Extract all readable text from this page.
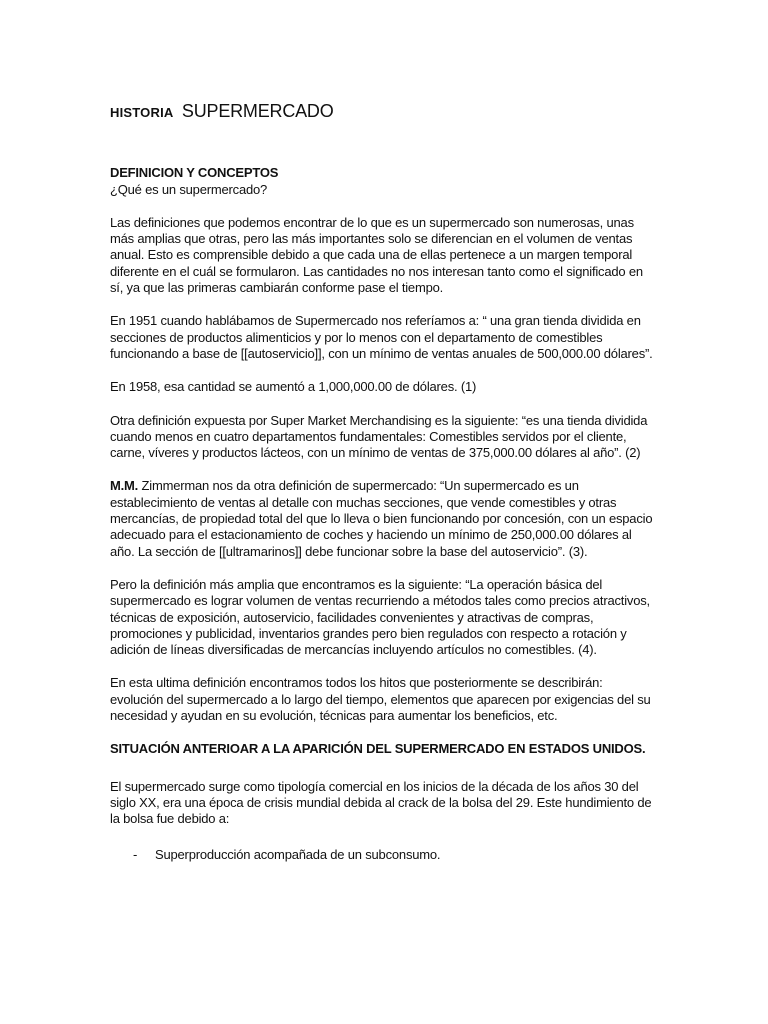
HISTORIA SUPERMERCADO
DEFINICION Y CONCEPTOS
¿Qué es un supermercado?

Las definiciones que podemos encontrar de lo que es un supermercado son numerosas, unas más amplias que otras, pero las más importantes solo se diferencian en el volumen de ventas anual. Esto es comprensible debido a que cada una de ellas pertenece a un margen temporal diferente en el cuál se formularon. Las cantidades no nos interesan tanto como el significado en sí, ya que las primeras cambiarán conforme pase el tiempo.

En 1951 cuando hablábamos de Supermercado nos referíamos a: “ una gran tienda dividida en secciones de productos alimenticios y por lo menos con el departamento de comestibles funcionando a base de [[autoservicio]], con un mínimo de ventas anuales de 500,000.00 dólares”.

En 1958, esa cantidad se aumentó a 1,000,000.00 de dólares. (1)

Otra definición expuesta por Super Market Merchandising es la siguiente: “es una tienda dividida cuando menos en cuatro departamentos fundamentales: Comestibles servidos por el cliente, carne, víveres y productos lácteos, con un mínimo de ventas de 375,000.00 dólares al año”. (2)

M.M. Zimmerman nos da otra definición de supermercado: “Un supermercado es un establecimiento de ventas al detalle con muchas secciones, que vende comestibles y otras mercancías, de propiedad total del que lo lleva o bien funcionando por concesión, con un espacio adecuado para el estacionamiento de coches y haciendo un mínimo de 250,000.00 dólares al año. La sección de [[ultramarinos]] debe funcionar sobre la base del autoservicio”. (3).

Pero la definición más amplia que encontramos es la siguiente: “La operación básica del supermercado es lograr volumen de ventas recurriendo a métodos tales como precios atractivos, técnicas de exposición, autoservicio, facilidades convenientes y atractivas de compras, promociones y publicidad, inventarios grandes pero bien regulados con respecto a rotación y adición de líneas diversificadas de mercancías incluyendo artículos no comestibles. (4).

En esta ultima definición encontramos todos los hitos que posteriormente se describirán: evolución del supermercado a lo largo del tiempo, elementos que aparecen por exigencias del su necesidad y ayudan en su evolución, técnicas para aumentar los beneficios, etc.

SITUACIÓN ANTERIOAR A LA APARICIÓN DEL SUPERMERCADO EN ESTADOS UNIDOS.
El supermercado surge como tipología comercial en los inicios de la década de los años 30 del siglo XX, era una época de crisis mundial debida al crack de la bolsa del 29. Este hundimiento de la bolsa fue debido a:
- Superproducción acompañada de un subconsumo.
